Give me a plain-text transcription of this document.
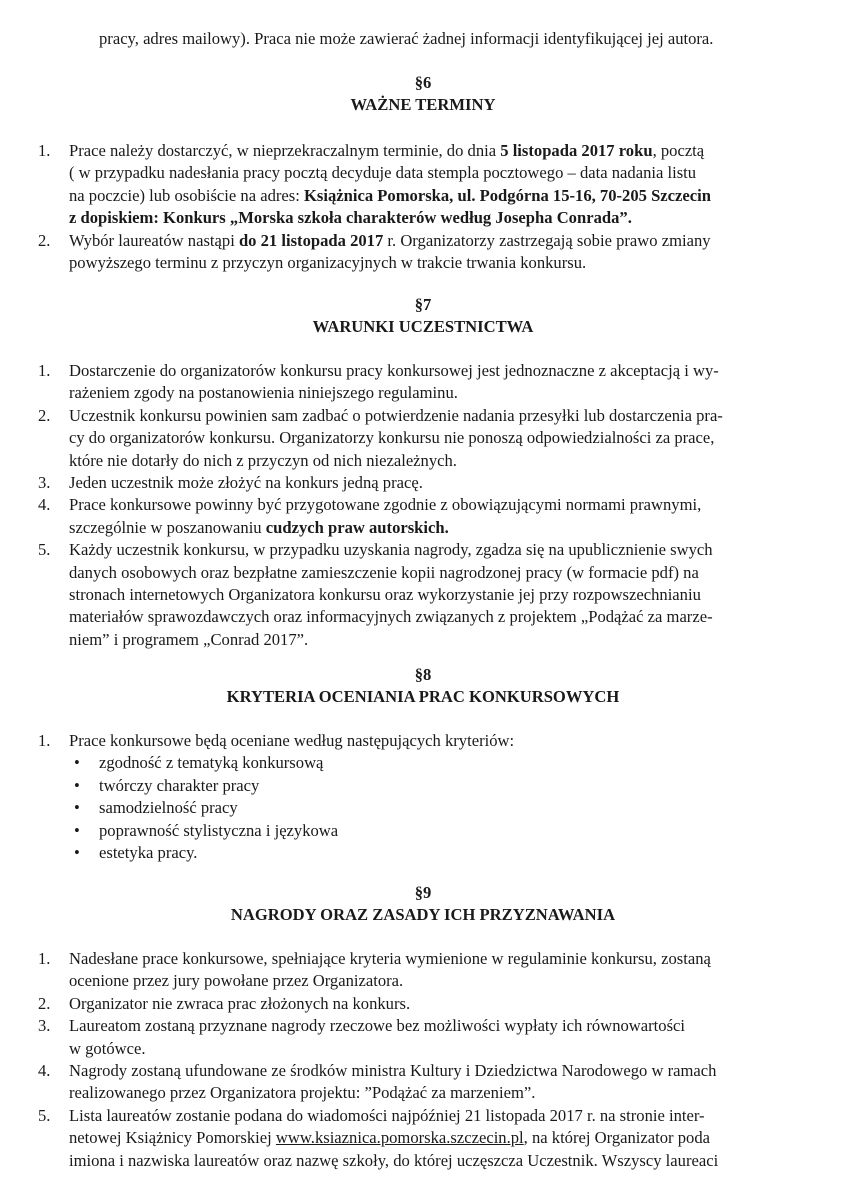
pracy, adres mailowy). Praca nie może zawierać żadnej informacji identyfikującej jej autora.

§6
WAŻNE TERMINY
1. Prace należy dostarczyć, w nieprzekraczalnym terminie, do dnia 5 listopada 2017 roku, pocztą
( w przypadku nadesłania pracy pocztą decyduje data stempla pocztowego – data nadania listu
na poczcie) lub osobiście na adres: Książnica Pomorska, ul. Podgórna 15-16, 70-205 Szczecin
z dopiskiem: Konkurs „Morska szkoła charakterów według Josepha Conrada”.
2. Wybór laureatów nastąpi do 21 listopada 2017 r. Organizatorzy zastrzegają sobie prawo zmiany
powyższego terminu z przyczyn organizacyjnych w trakcie trwania konkursu.
§7
WARUNKI UCZESTNICTWA
1. Dostarczenie do organizatorów konkursu pracy konkursowej jest jednoznaczne z akceptacją i wy-
rażeniem zgody na postanowienia niniejszego regulaminu.
2. Uczestnik konkursu powinien sam zadbać o potwierdzenie nadania przesyłki lub dostarczenia pra-
cy do organizatorów konkursu. Organizatorzy konkursu nie ponoszą odpowiedzialności za prace,
które nie dotarły do nich z przyczyn od nich niezależnych.
3. Jeden uczestnik może złożyć na konkurs jedną pracę.
4. Prace konkursowe powinny być przygotowane zgodnie z obowiązującymi normami prawnymi,
szczególnie w poszanowaniu cudzych praw autorskich.
5. Każdy uczestnik konkursu, w przypadku uzyskania nagrody, zgadza się na upublicznienie swych
danych osobowych oraz bezpłatne zamieszczenie kopii nagrodzonej pracy (w formacie pdf) na
stronach internetowych Organizatora konkursu oraz wykorzystanie jej przy rozpowszechnianiu
materiałów sprawozdawczych oraz informacyjnych związanych z projektem „Podążać za marze-
niem” i programem „Conrad 2017”.
§8
KRYTERIA OCENIANIA PRAC KONKURSOWYCH
1. Prace konkursowe będą oceniane według następujących kryteriów:
• zgodność z tematyką konkursową
• twórczy charakter pracy
• samodzielność pracy
• poprawność stylistyczna i językowa
• estetyka pracy.
§9
NAGRODY ORAZ ZASADY ICH PRZYZNAWANIA
1. Nadesłane prace konkursowe, spełniające kryteria wymienione w regulaminie konkursu, zostaną
ocenione przez jury powołane przez Organizatora.
2. Organizator nie zwraca prac złożonych na konkurs.
3. Laureatom zostaną przyznane nagrody rzeczowe bez możliwości wypłaty ich równowartości
w gotówce.
4. Nagrody zostaną ufundowane ze środków ministra Kultury i Dziedzictwa Narodowego w ramach
realizowanego przez Organizatora projektu: ”Podążać za marzeniem”.
5. Lista laureatów zostanie podana do wiadomości najpóźniej 21 listopada 2017 r. na stronie inter-
netowej Książnicy Pomorskiej www.ksiaznica.pomorska.szczecin.pl, na której Organizator poda
imiona i nazwiska laureatów oraz nazwę szkoły, do której uczęszcza Uczestnik. Wszyscy laureaci
